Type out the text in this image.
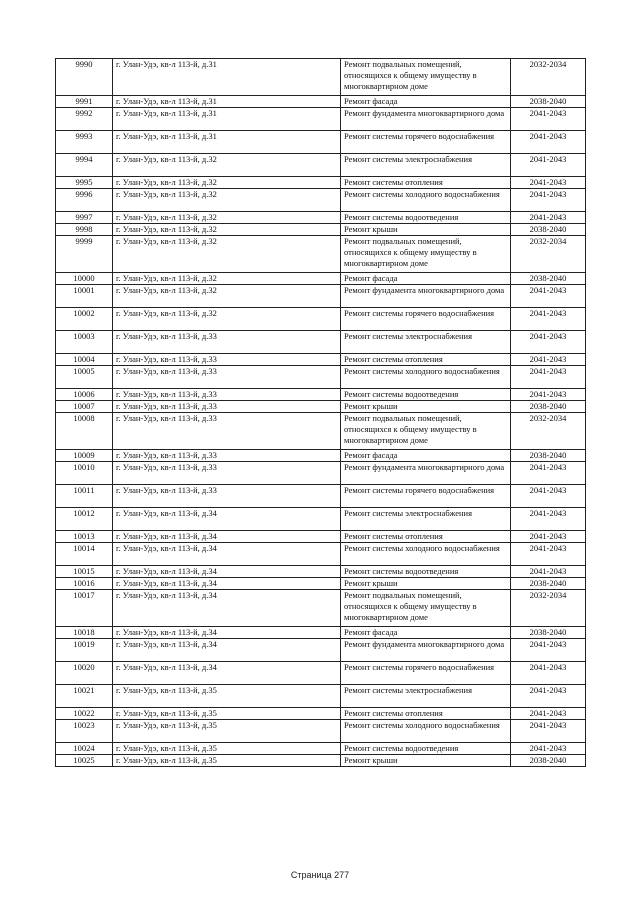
9990	г. Улан-Удэ, кв-л 113-й, д.31	Ремонт подвальных помещений, относящихся к общему имуществу в многоквартирном доме	2032-2034
9991	г. Улан-Удэ, кв-л 113-й, д.31	Ремонт фасада	2038-2040
9992	г. Улан-Удэ, кв-л 113-й, д.31	Ремонт фундамента многоквартирного дома	2041-2043
9993	г. Улан-Удэ, кв-л 113-й, д.31	Ремонт системы горячего водоснабжения	2041-2043
9994	г. Улан-Удэ, кв-л 113-й, д.32	Ремонт системы электроснабжения	2041-2043
9995	г. Улан-Удэ, кв-л 113-й, д.32	Ремонт системы отопления	2041-2043
9996	г. Улан-Удэ, кв-л 113-й, д.32	Ремонт системы холодного водоснабжения	2041-2043
9997	г. Улан-Удэ, кв-л 113-й, д.32	Ремонт системы водоотведения	2041-2043
9998	г. Улан-Удэ, кв-л 113-й, д.32	Ремонт крыши	2038-2040
9999	г. Улан-Удэ, кв-л 113-й, д.32	Ремонт подвальных помещений, относящихся к общему имуществу в многоквартирном доме	2032-2034
10000	г. Улан-Удэ, кв-л 113-й, д.32	Ремонт фасада	2038-2040
10001	г. Улан-Удэ, кв-л 113-й, д.32	Ремонт фундамента многоквартирного дома	2041-2043
10002	г. Улан-Удэ, кв-л 113-й, д.32	Ремонт системы горячего водоснабжения	2041-2043
10003	г. Улан-Удэ, кв-л 113-й, д.33	Ремонт системы электроснабжения	2041-2043
10004	г. Улан-Удэ, кв-л 113-й, д.33	Ремонт системы отопления	2041-2043
10005	г. Улан-Удэ, кв-л 113-й, д.33	Ремонт системы холодного водоснабжения	2041-2043
10006	г. Улан-Удэ, кв-л 113-й, д.33	Ремонт системы водоотведения	2041-2043
10007	г. Улан-Удэ, кв-л 113-й, д.33	Ремонт крыши	2038-2040
10008	г. Улан-Удэ, кв-л 113-й, д.33	Ремонт подвальных помещений, относящихся к общему имуществу в многоквартирном доме	2032-2034
10009	г. Улан-Удэ, кв-л 113-й, д.33	Ремонт фасада	2038-2040
10010	г. Улан-Удэ, кв-л 113-й, д.33	Ремонт фундамента многоквартирного дома	2041-2043
10011	г. Улан-Удэ, кв-л 113-й, д.33	Ремонт системы горячего водоснабжения	2041-2043
10012	г. Улан-Удэ, кв-л 113-й, д.34	Ремонт системы электроснабжения	2041-2043
10013	г. Улан-Удэ, кв-л 113-й, д.34	Ремонт системы отопления	2041-2043
10014	г. Улан-Удэ, кв-л 113-й, д.34	Ремонт системы холодного водоснабжения	2041-2043
10015	г. Улан-Удэ, кв-л 113-й, д.34	Ремонт системы водоотведения	2041-2043
10016	г. Улан-Удэ, кв-л 113-й, д.34	Ремонт крыши	2038-2040
10017	г. Улан-Удэ, кв-л 113-й, д.34	Ремонт подвальных помещений, относящихся к общему имуществу в многоквартирном доме	2032-2034
10018	г. Улан-Удэ, кв-л 113-й, д.34	Ремонт фасада	2038-2040
10019	г. Улан-Удэ, кв-л 113-й, д.34	Ремонт фундамента многоквартирного дома	2041-2043
10020	г. Улан-Удэ, кв-л 113-й, д.34	Ремонт системы горячего водоснабжения	2041-2043
10021	г. Улан-Удэ, кв-л 113-й, д.35	Ремонт системы электроснабжения	2041-2043
10022	г. Улан-Удэ, кв-л 113-й, д.35	Ремонт системы отопления	2041-2043
10023	г. Улан-Удэ, кв-л 113-й, д.35	Ремонт системы холодного водоснабжения	2041-2043
10024	г. Улан-Удэ, кв-л 113-й, д.35	Ремонт системы водоотведения	2041-2043
10025	г. Улан-Удэ, кв-л 113-й, д.35	Ремонт крыши	2038-2040
Страница 277
